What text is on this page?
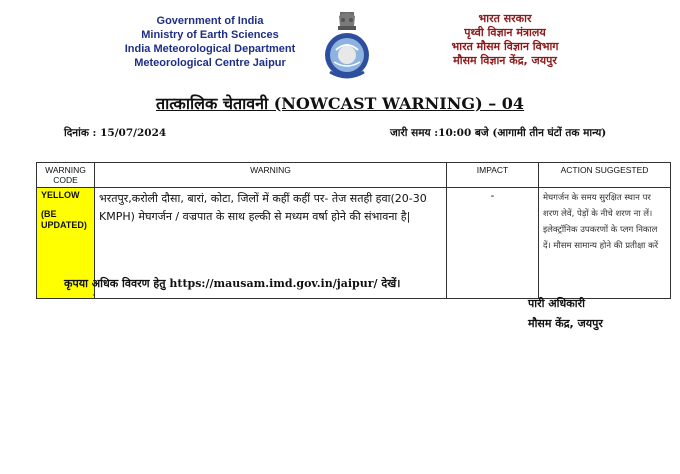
Government of India
Ministry of Earth Sciences
India Meteorological Department
Meteorological Centre Jaipur
भारत सरकार
पृथ्वी विज्ञान मंत्रालय
भारत मौसम विज्ञान विभाग
मौसम विज्ञान केंद्र, जयपुर
तात्कालिक चेतावनी (NOWCAST WARNING) – 04
दिनांक : 15/07/2024	जारी समय :10:00 बजे (आगामी तीन घंटों तक मान्य)
WARNING CODE	WARNING	IMPACT	ACTION SUGGESTED

YELLOW
(BE UPDATED)	भरतपुर,करोली दौसा, बारां, कोटा, जिलों में कहीं कहीं पर- तेज सतही हवा(20-30 KMPH) मेघगर्जन / वज्रपात के साथ हल्की से मध्यम वर्षा होने की संभावना है|	-	मेघगर्जन के समय सुरक्षित स्थान पर शरण लेवें, पेड़ों के नीचे शरण ना लें। इलेक्ट्रॉनिक उपकरणों के प्लग निकाल दें। मौसम सामान्य होने की प्रतीक्षा करें
कृपया अधिक विवरण हेतु https://mausam.imd.gov.in/jaipur/ देखें।
`	पारी अधिकारी
मौसम केंद्र, जयपुर
